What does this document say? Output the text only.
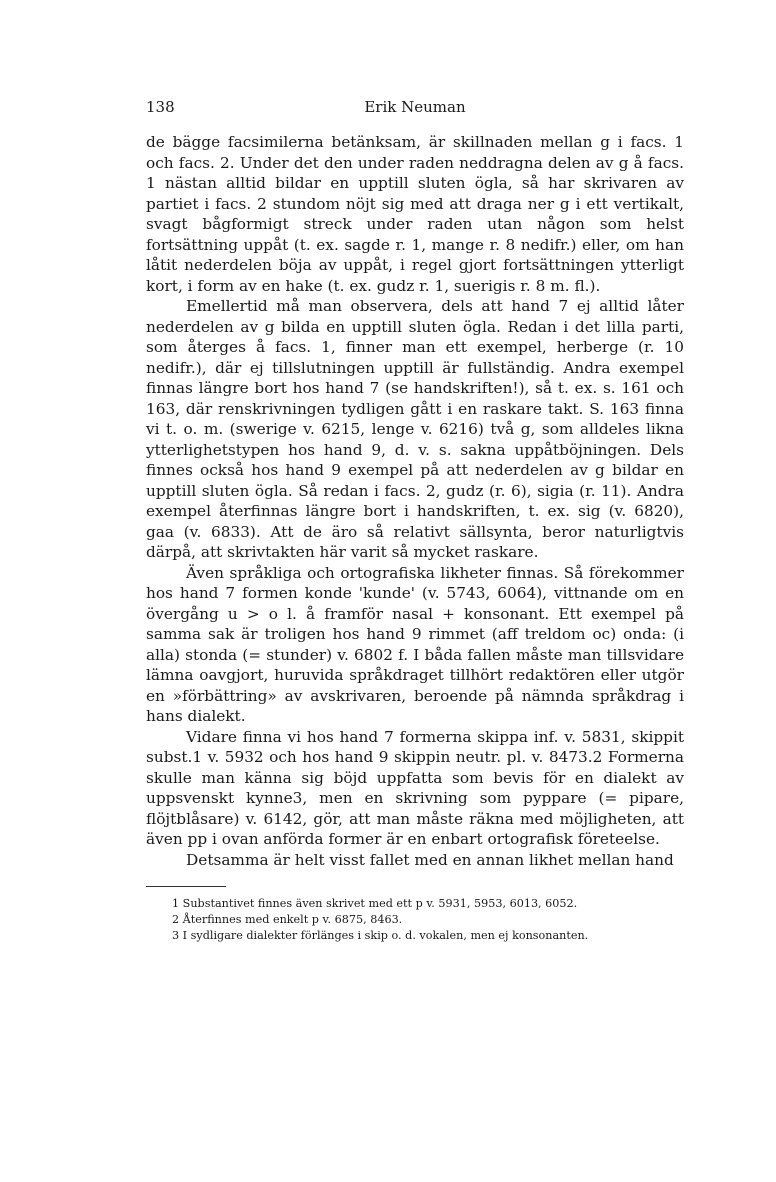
138	Erik Neuman

de bägge facsimilerna betänksam, är skillnaden mellan g i facs. 1 och facs. 2. Under det den under raden neddragna delen av g å facs. 1 nästan alltid bildar en upptill sluten ögla, så har skrivaren av partiet i facs. 2 stundom nöjt sig med att draga ner g i ett vertikalt, svagt bågformigt streck under raden utan någon som helst fortsättning uppåt (t. ex. sagde r. 1, mange r. 8 nedifr.) eller, om han låtit nederdelen böja av uppåt, i regel gjort fortsättningen ytterligt kort, i form av en hake (t. ex. gudz r. 1, suerigis r. 8 m. fl.).

Emellertid må man observera, dels att hand 7 ej alltid låter nederdelen av g bilda en upptill sluten ögla. Redan i det lilla parti, som återges å facs. 1, finner man ett exempel, herberge (r. 10 nedifr.), där ej tillslutningen upptill är fullständig. Andra exempel finnas längre bort hos hand 7 (se handskriften!), så t. ex. s. 161 och 163, där renskrivningen tydligen gått i en raskare takt. S. 163 finna vi t. o. m. (swerige v. 6215, lenge v. 6216) två g, som alldeles likna ytterlighetstypen hos hand 9, d. v. s. sakna uppåtböjningen. Dels finnes också hos hand 9 exempel på att nederdelen av g bildar en upptill sluten ögla. Så redan i facs. 2, gudz (r. 6), sigia (r. 11). Andra exempel återfinnas längre bort i handskriften, t. ex. sig (v. 6820), gaa (v. 6833). Att de äro så relativt sällsynta, beror naturligtvis därpå, att skrivtakten här varit så mycket raskare.

Även språkliga och ortografiska likheter finnas. Så förekommer hos hand 7 formen konde 'kunde' (v. 5743, 6064), vittnande om en övergång u > o l. å framför nasal + konsonant. Ett exempel på samma sak är troligen hos hand 9 rimmet (aff treldom oc) onda: (i alla) stonda (= stunder) v. 6802 f. I båda fallen måste man tillsvidare lämna oavgjort, huruvida språkdraget tillhört redaktören eller utgör en »förbättring» av avskrivaren, beroende på nämnda språkdrag i hans dialekt.

Vidare finna vi hos hand 7 formerna skippa inf. v. 5831, skippit subst.1 v. 5932 och hos hand 9 skippin neutr. pl. v. 8473.2 Formerna skulle man känna sig böjd uppfatta som bevis för en dialekt av uppsvenskt kynne3, men en skrivning som pyppare (= pipare, flöjtblåsare) v. 6142, gör, att man måste räkna med möjligheten, att även pp i ovan anförda former är en enbart ortografisk företeelse.

Detsamma är helt visst fallet med en annan likhet mellan hand

1 Substantivet finnes även skrivet med ett p v. 5931, 5953, 6013, 6052.
2 Återfinnes med enkelt p v. 6875, 8463.
3 I sydligare dialekter förlänges i skip o. d. vokalen, men ej konsonanten.
